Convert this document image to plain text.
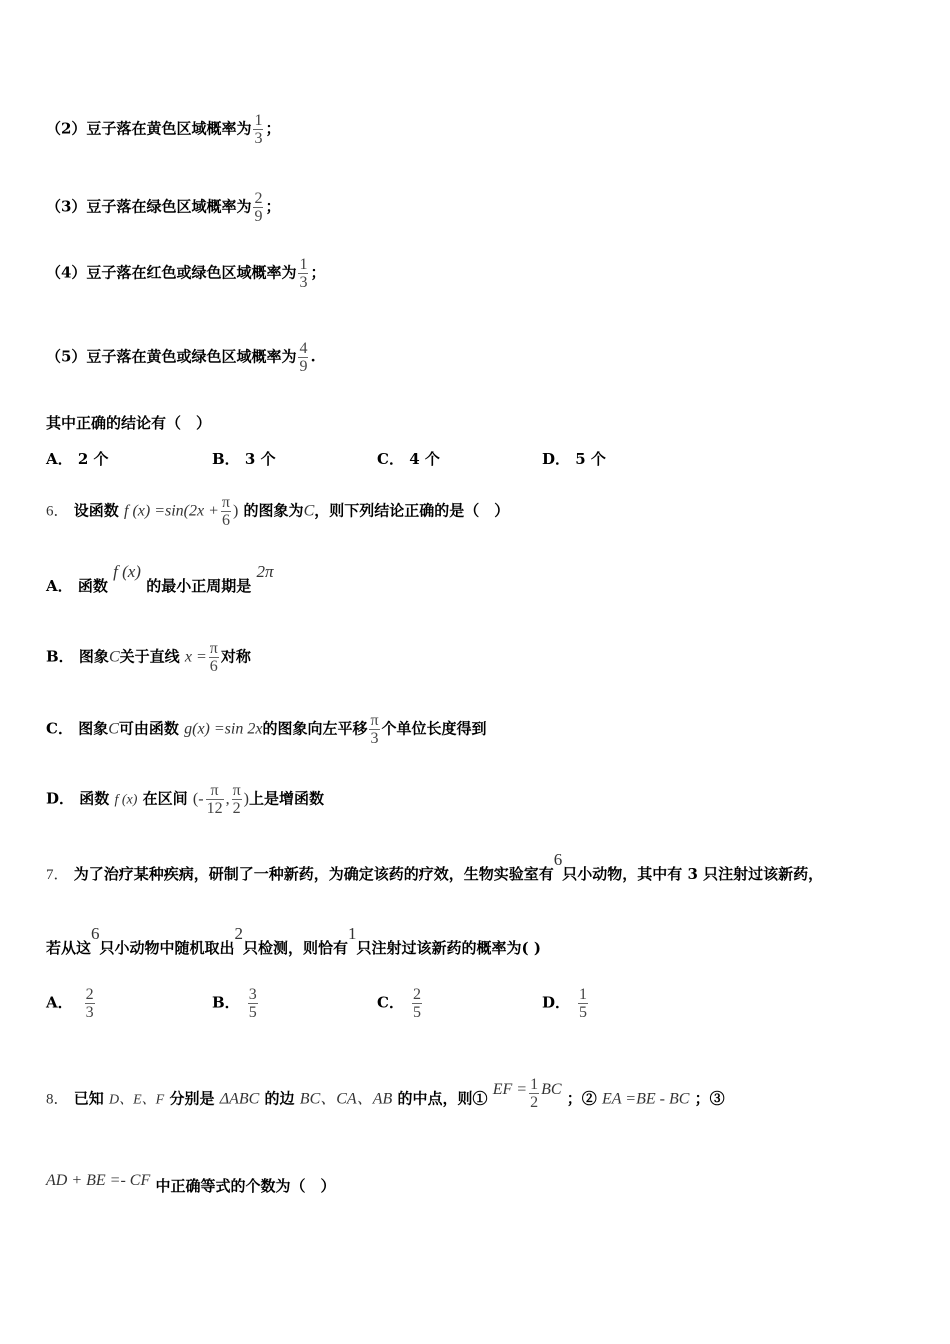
（2）豆子落在黄色区域概率为 $\frac{1}{3}$ ；
（3）豆子落在绿色区域概率为 $\frac{2}{9}$ ；
（4）豆子落在红色或绿色区域概率为 $\frac{1}{3}$ ；
（5）豆子落在黄色或绿色区域概率为 $\frac{4}{9}$ .
其中正确的结论有（　）
A． 2 个	B． 3 个	C． 4 个	D． 5 个
6． 设函数 f $(x) =\sin(2x + \frac{\pi}{6}$ ) 的图象为C，则下列结论正确的是（　）
A． 函数 f (x) 的最小正周期是 2π
B． 图象C关于直线 $x = \frac{\pi}{6}$ 对称
C． 图象C可由函数 g(x) =sin 2x的图象向左平移 $\frac{\pi}{3}$ 个单位长度得到
D． 函数 f (x) 在区间 (- $\frac{\pi}{12}$ , $\frac{\pi}{2}$ )上是增函数
7． 为了治疗某种疾病，研制了一种新药，为确定该药的疗效，生物实验室有6只小动物，其中有 3 只注射过该新药，
若从这6只小动物中随机取出2只检测，则恰有1只注射过该新药的概率为( )
A． $\frac{2}{3}$	B． $\frac{3}{5}$	C． $\frac{2}{5}$	D． $\frac{1}{5}$
8． 已知 D、E、F 分别是 ΔABC 的边 BC、CA、AB 的中点，则① EF = $\frac{1}{2}$ BC ；② EA =BE - BC ；③
AD + BE =- CF 中正确等式的个数为（　）
